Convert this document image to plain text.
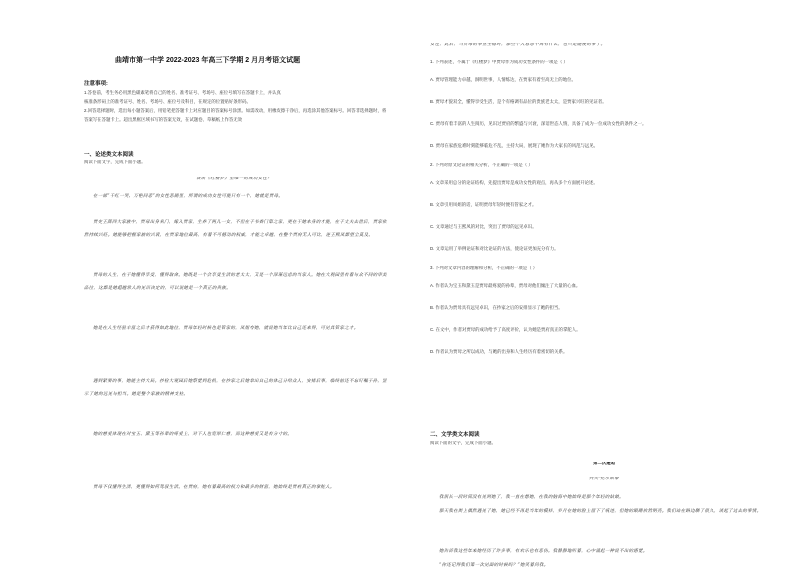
曲靖市第一中学 2022-2023 年高三下学期 2 月月考语文试题
注意事项:
1.答卷前，考生务必用黑色碳素笔将自己的姓名、准考证号、考场号、座位号填写在答题卡上，并认真
核准条形码上的准考证号、姓名、考场号、座位号及科目，在规定的位置贴好条形码。
2.回答选择题时，选出每小题答案后，用铅笔把答题卡上对应题目的答案标号涂黑。如需改动，用橡皮擦干净后，再选涂其他答案标号。回答非选择题时，将答案写在答题卡上。超出黑框区域书写的答案无效，在试题卷、草稿纸上作答无效
一、论述类文本阅读
阅读下面文字，完成下面小题。
谈谈《红楼梦》里唯一的成功女性？
在一部“千红一哭、万艳同悲”的女性悲剧里，所谓的成功女性可能只有一个，她就是贾母。
贾史王薛四大家族中，贾母出身名门，嫁入贾家，生养了两儿一女，不但在于书香门第之家，更在于她本身的才能，在于丈夫去世后，贾家依然持续兴旺。她能够把握家族的兴衰，在贾家地位最高，有着不可撼动的权威，才能之卓越，在整个贾府无人可比，连王熙凤都望尘莫及。
贾母的人生，在于她懂得享受，懂得取舍。她既是一个会享受生活的老太太，又是一个深谋远虑的当家人。她在大观园里有着与众不同的审美品位，这都是她超越常人的见识决定的，可以说她是一个真正的贵族。
她是在人生经验丰富之后才获得如此地位，贾母年轻时候也是管家的，凤姐夸她，就说她当年比自己还来得，可见其管家之才。
遇到紧要的事，她能主持大局。抄检大观园后她察觉到危机，在抄家之后她拿出自己的体己分给众人，安排后事，临终前还不忘叮嘱子孙，显示了她的远见与担当。她是整个家族的精神支柱。
她的慈爱体现在对宝玉、黛玉等孙辈的疼爱上，对下人也宽厚仁慈，而这种慈爱又是有分寸的。
贾母不仅懂得生活，更懂得如何驾驭生活。在贾府，她有着最高的权力和最多的财富，她始终是贾府真正的掌舵人。
女性，此后，当贾母的事业坐稳时，那些个人恩怨不再有什么，也只是随便的事了。
1. 下列表述，不属于《红楼梦》中贾母作为成功女性条件的一项是（ ）
A. 贾母管理能力卓越，洞明世事，人情练达，在贾家有着至高无上的地位。
B. 贾母才貌双全，懂得享受生活，是个有格调有品位的贵族老太太，是贾家兴旺的见证者。
C. 贾母有着丰富的人生阅历，见识过贾府的繁盛与兴衰，深谙世态人情，具备了成为一位成功女性的条件之一。
D. 贾母在家族危难时刻能够临危不乱，主持大局，展现了她作为大家长的风范与远见。
2. 下列对原文论证的相关分析，不正确的一项是（ ）
A. 文章采用总分的论证结构，先提出贾母是成功女性的观点，再从多个方面展开论述。
B. 文章引用凤姐的话，证明贾母年轻时便有管家之才。
C. 文章通过与王熙凤的对比，突出了贾母的远见卓识。
D. 文章运用了举例论证和对比论证的方法，使论证更加充分有力。
3. 下列对文章内容的理解和分析，不正确的一项是（ ）
A. 作者认为宝玉和黛玉是贾母最疼爱的孙辈，贾母对他们倾注了大量的心血。
B. 作者认为贾母具有远见卓识，在抄家之后的安排显示了她的担当。
C. 在文中，作者对贾母的成功给予了高度评价，认为她是贾府真正的掌舵人。
D. 作者认为贾母之所以成功，与她的出身和人生经历有着密切的关系。
二、文学类文本阅读
阅读下面的文字，完成下面小题。
第二次邂逅
列夫·托尔斯泰
我很长一段时间没有见到她了，我一直在想她，在我的脑海中她始终是那个年轻的姑娘。
那天我在街上偶然遇见了她，她已经不再是当年的模样，岁月在她的脸上留下了痕迹，但她的眼睛依然明亮。我们站在路边聊了很久，谈起了过去的事情。
她告诉我这些年来她经历了许多事，有欢乐也有悲伤。我静静地听着，心中涌起一种说不出的感觉。
“你还记得我们第一次见面的时候吗？”她笑着问我。
